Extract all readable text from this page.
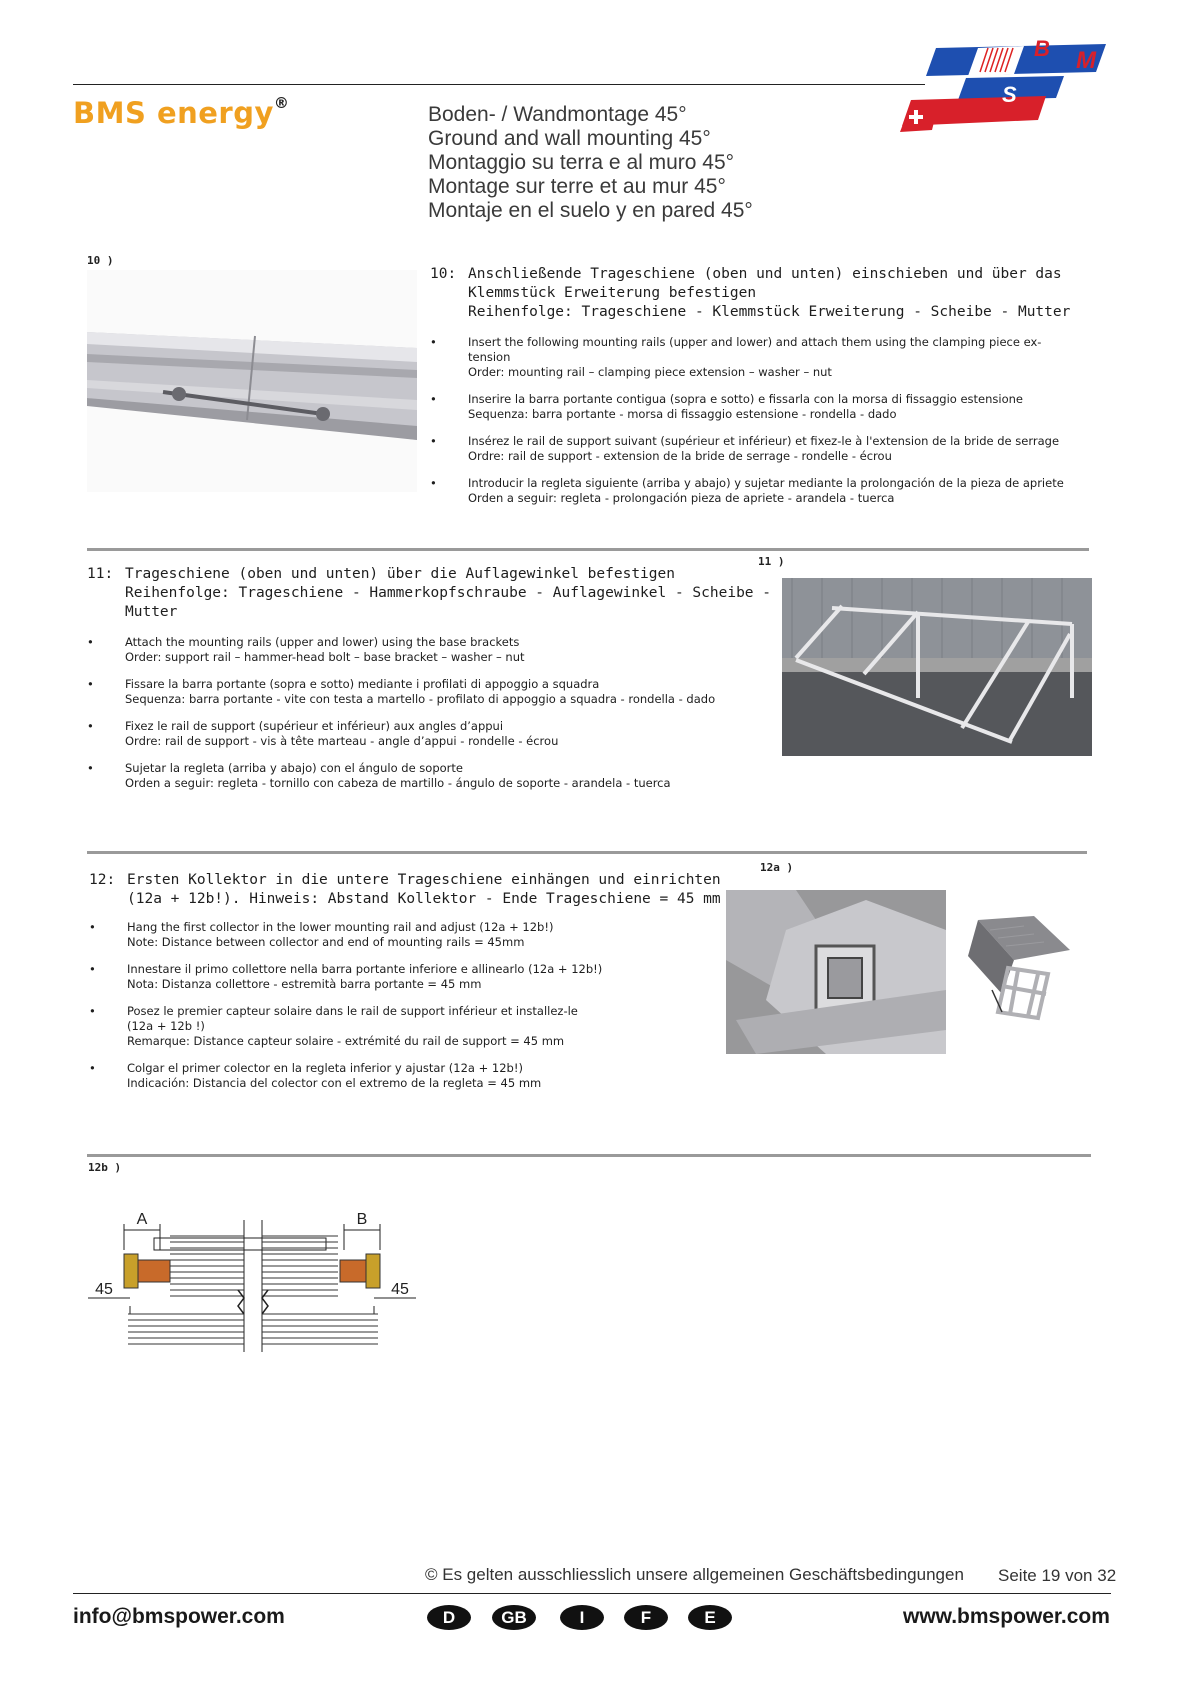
BMS energy®	Boden- / Wandmontage 45°
Ground and wall mounting 45°
Montaggio su terra e al muro 45°
Montage sur terre et au mur 45°
Montaje en el suelo y en pared 45°
B M
S
10 )
10: Anschließende Trageschiene (oben und unten) einschieben und über das
Klemmstück Erweiterung befestigen
Reihenfolge: Trageschiene - Klemmstück Erweiterung - Scheibe - Mutter
•	Insert the following mounting rails (upper and lower) and attach them using the clamping piece ex-
tension
Order: mounting rail – clamping piece extension – washer – nut
•	Inserire la barra portante contigua (sopra e sotto) e fissarla con la morsa di fissaggio estensione
Sequenza: barra portante - morsa di fissaggio estensione - rondella - dado
•	Insérez le rail de support suivant (supérieur et inférieur) et fixez-le à l'extension de la bride de serrage
Ordre: rail de support - extension de la bride de serrage - rondelle - écrou
•	Introducir la regleta siguiente (arriba y abajo) y sujetar mediante la prolongación de la pieza de apriete
Orden a seguir: regleta - prolongación pieza de apriete - arandela - tuerca
11: Trageschiene (oben und unten) über die Auflagewinkel befestigen
Reihenfolge: Trageschiene - Hammerkopfschraube - Auflagewinkel - Scheibe -
Mutter
•	Attach the mounting rails (upper and lower) using the base brackets
Order: support rail – hammer-head bolt – base bracket – washer – nut
•	Fissare la barra portante (sopra e sotto) mediante i profilati di appoggio a squadra
Sequenza: barra portante - vite con testa a martello - profilato di appoggio a squadra - rondella - dado
•	Fixez le rail de support (supérieur et inférieur) aux angles d’appui
Ordre: rail de support - vis à tête marteau - angle d’appui - rondelle - écrou
•	Sujetar la regleta (arriba y abajo) con el ángulo de soporte
Orden a seguir: regleta - tornillo con cabeza de martillo - ángulo de soporte - arandela - tuerca
11 )
12: Ersten Kollektor in die untere Trageschiene einhängen und einrichten
(12a + 12b!). Hinweis: Abstand Kollektor - Ende Trageschiene = 45 mm
•	Hang the first collector in the lower mounting rail and adjust (12a + 12b!)
Note: Distance between collector and end of mounting rails = 45mm
•	Innestare il primo collettore nella barra portante inferiore e allinearlo (12a + 12b!)
Nota: Distanza collettore - estremità barra portante = 45 mm
•	Posez le premier capteur solaire dans le rail de support inférieur et installez-le
(12a + 12b !)
Remarque: Distance capteur solaire - extrémité du rail de support = 45 mm
•	Colgar el primer colector en la regleta inferior y ajustar (12a + 12b!)
Indicación: Distancia del colector con el extremo de la regleta = 45 mm
12a )
12b )
A	B
45	45
© Es gelten ausschliesslich unsere allgemeinen Geschäftsbedingungen Seite 19 von 32
info@bmspower.com	D	GB	I	F	E	www.bmspower.com
